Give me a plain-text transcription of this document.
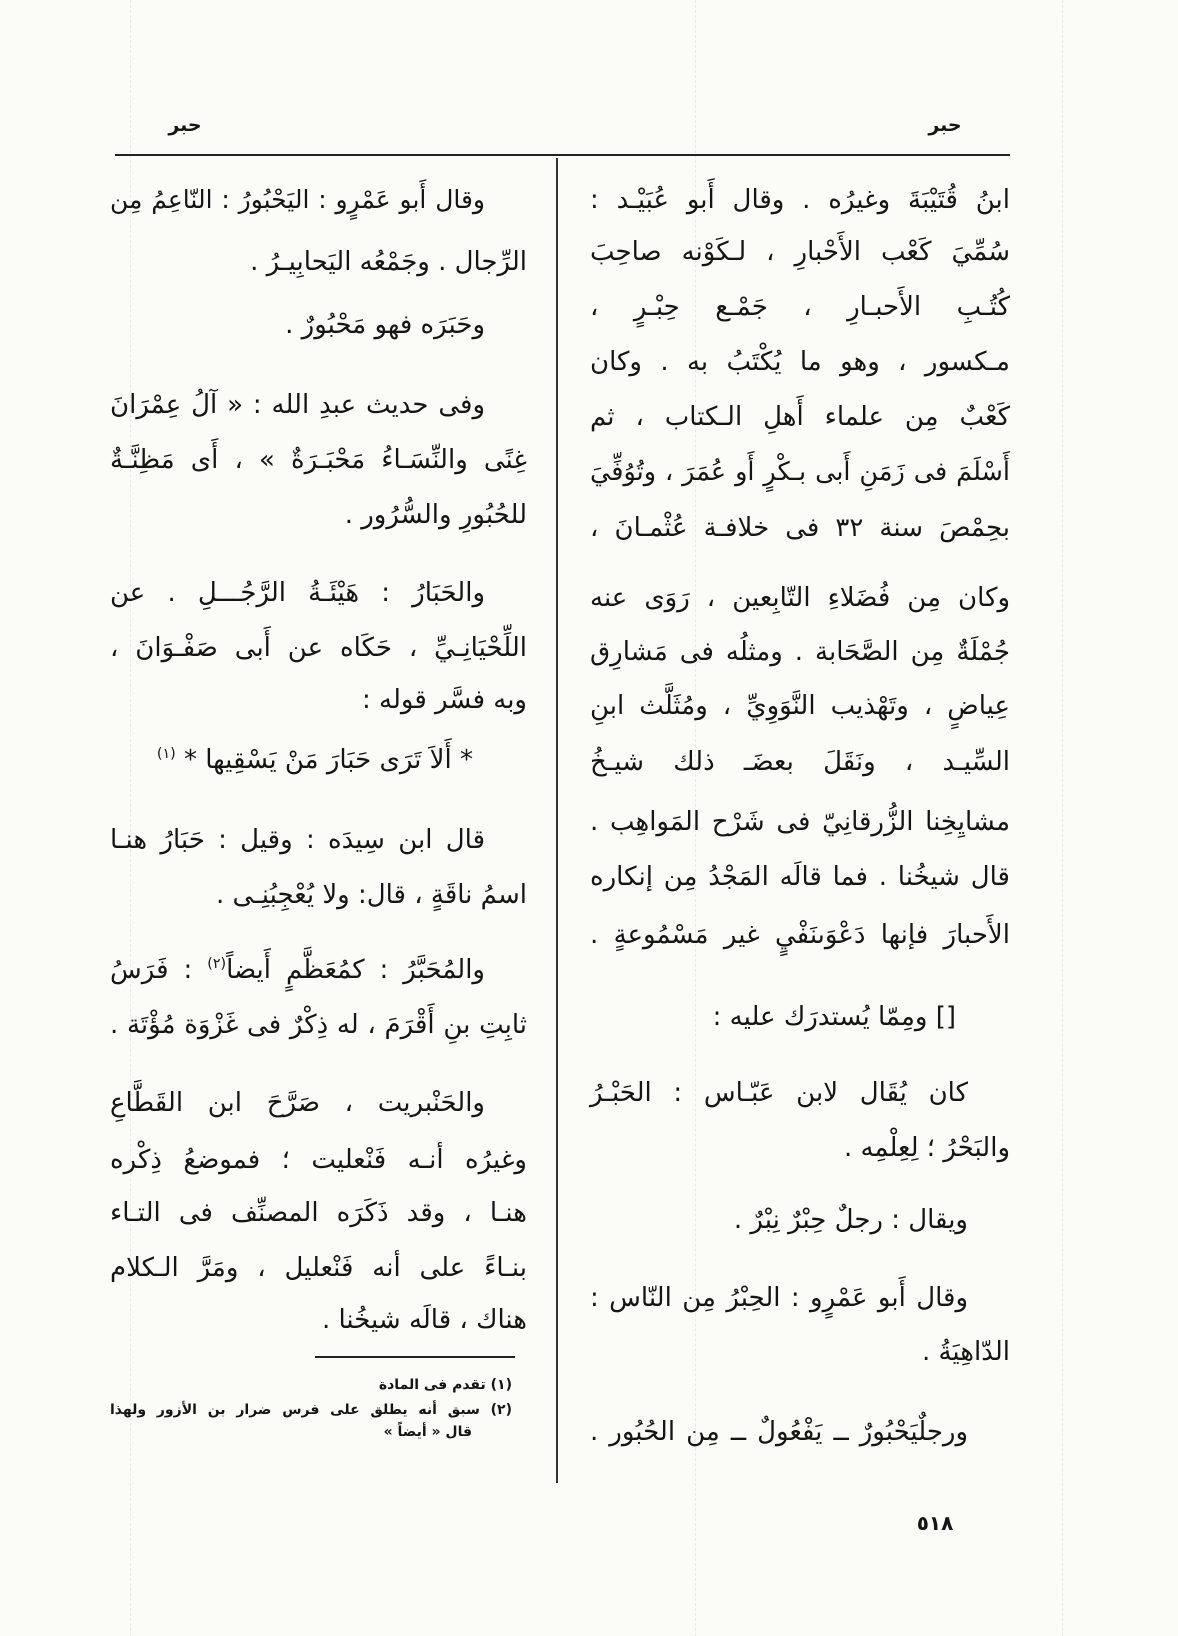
حبر	حبر
ابنُ قُتَيْبَةَ وغيرُه . وقال أَبو عُبَيْـد :
سُمِّيَ كَعْب الأَحْبارِ ، لـكَوْنه صاحِبَ
كُتُـبِ الأَحبـارِ ، جَمْـع حِبْـرٍ ،
مـكسور ، وهو ما يُكْتَبُ به . وكان
كَعْبٌ مِن علماء أَهلِ الـكتاب ، ثم
أَسْلَمَ فى زَمَنِ أَبى بـكْرٍ أَو عُمَرَ ، وتُوُفِّيَ
بحِمْصَ سنة ٣٢ فى خلافـة عُثْمـانَ ،
وكان مِن فُضَلاءِ التّابِعين ، رَوَى عنه
جُمْلَةٌ مِن الصَّحَابة . ومثلُه فى مَشارِق
عِياضٍ ، وتَهْذيب النَّوَوِيِّ ، ومُثَلَّث ابنِ
السِّيـد ، ونَقَلَ بعضَـ ذلك شيـخُ
مشايِخِنا الزُّرقانِيّ فى شَرْح المَواهِب .
قال شيخُنا . فما قالَه المَجْدُ مِن إنكاره
الأَحبارَ فإنها دَعْوَىنَفْيٍ غير مَسْمُوعةٍ .
[] ومِمّا يُستدرَك عليه :
كان يُقَال لابن عَبّـاس : الحَبْـرُ
والبَحْرُ ؛ لِعِلْمِه .
ويقال : رجلٌ حِبْرٌ نِبْرٌ .
وقال أَبو عَمْرٍو : الحِبْرُ مِن النّاس :
الدّاهِيَةُ .
ورجلٌيَحْبُورٌ ــ يَفْعُولٌ ــ مِن الحُبُور .
وقال أَبو عَمْرٍو : اليَحْبُورُ : النّاعِمُ مِن
الرِّجال . وجَمْعُه اليَحابِيـرُ .
وحَبَرَه فهو مَحْبُورٌ .
وفى حديث عبدِ الله : « آلُ عِمْرَانَ
غِنًى والنِّسَـاءُ مَحْبَـرَةٌ » ، أَى مَظِنَّـةٌ
للحُبُورِ والسُّرُور .
والحَبَارُ : هَيْئَـةُ الرَّجُـــلِ . عن
اللِّحْيَانِـيِّ ، حَكَاه عن أَبى صَفْـوَانَ ،
وبه فسَّر قوله :
* أَلاَ تَرَى حَبَارَ مَنْ يَسْقِيها * $^{(١)}$
قال ابن سِيدَه : وقيل : حَبَارُ هنـا
اسمُ ناقَةٍ ، قال: ولا يُعْجِبُنِـى .
والمُحَبَّرُ : كمُعَظَّمٍ أَيضاً$^{(٢)}$ : فَرَسُ
ثابِتِ بنِ أَقْرَمَ ، له ذِكْرٌ فى غَزْوَة مُؤْتَة .
والحَنْبريت ، صَرَّحَ ابن القَطَّاعِ
وغيرُه أنـه فَنْعليت ؛ فموضعُ ذِكْره
هنـا ، وقد ذَكَرَه المصنِّف فى التـاء
بنـاءً على أنه فَنْعليل ، ومَرَّ الـكلام
هناك ، قالَه شيخُنا .
(١) تقدم فى المادة
(٢) سبق أنه يطلق على فرس ضرار بن الأزور ولهذا
قال « أيضاً »
٥١٨
